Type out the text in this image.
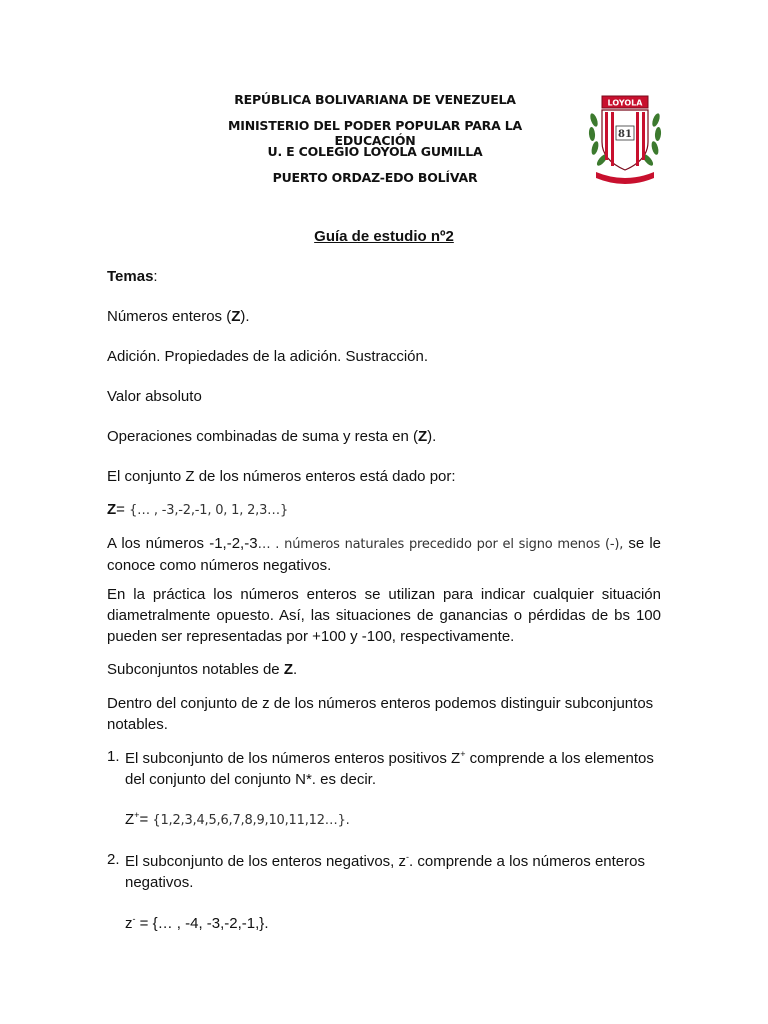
REPÚBLICA BOLIVARIANA DE VENEZUELA
MINISTERIO DEL PODER POPULAR PARA LA EDUCACIÓN
U. E COLEGIO LOYOLA GUMILLA
PUERTO ORDAZ-EDO BOLÍVAR
LOYOLA
81
Guía de estudio nº2
Temas:
Números enteros (Z).
Adición. Propiedades de la adición. Sustracción.
Valor absoluto
Operaciones combinadas de suma y resta en (Z).
El conjunto Z de los números enteros está dado por:
Z= {… , -3,-2,-1, 0, 1, 2,3…}
A los números -1,-2,-3… . números naturales precedido por el signo menos (-), se le conoce como números negativos.
En la práctica los números enteros se utilizan para indicar cualquier situación diametralmente opuesto. Así, las situaciones de ganancias o pérdidas de bs 100 pueden ser representadas por +100 y -100, respectivamente.
Subconjuntos notables de Z.
Dentro del conjunto de z de los números enteros podemos distinguir subconjuntos notables.
1. El subconjunto de los números enteros positivos Z+ comprende a los elementos del conjunto del conjunto N*. es decir.
Z+= {1,2,3,4,5,6,7,8,9,10,11,12…}.
2. El subconjunto de los enteros negativos, z-. comprende a los números enteros negativos.
z- = {… , -4, -3,-2,-1,}.
